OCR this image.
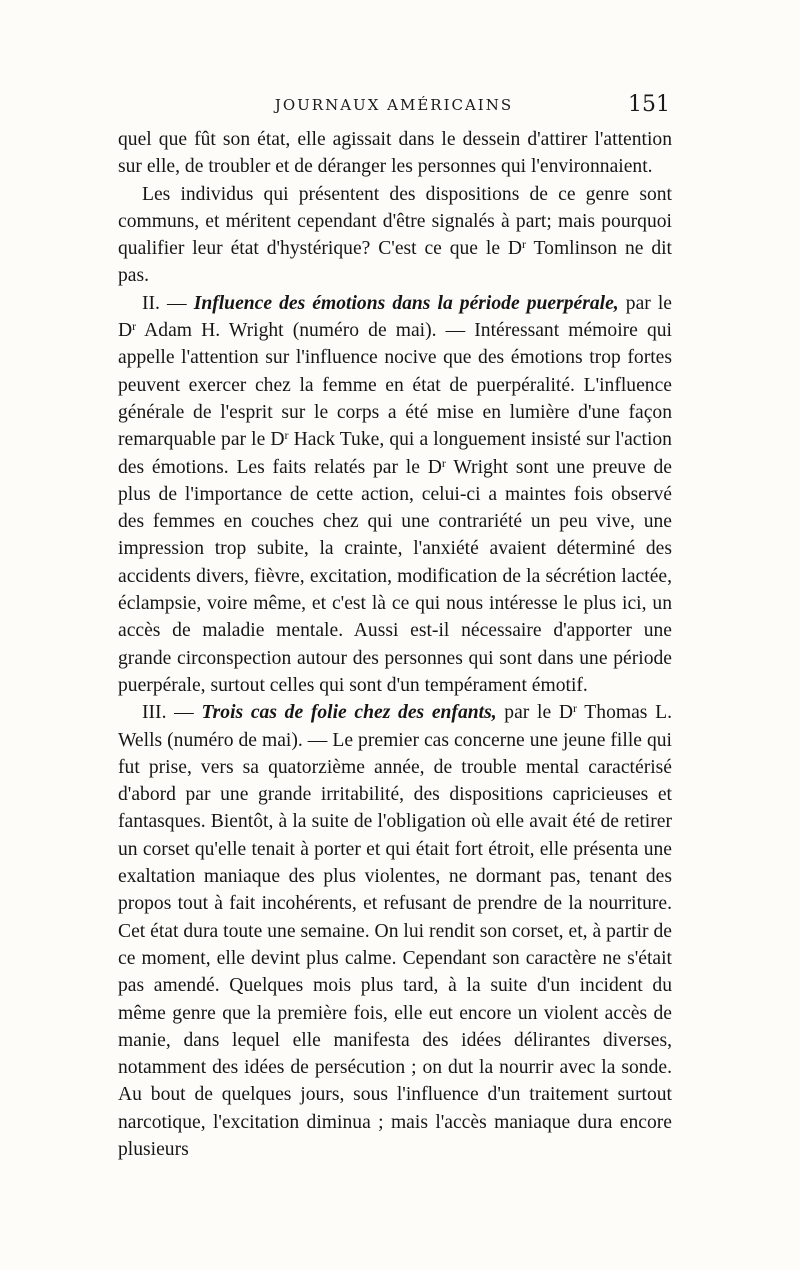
JOURNAUX AMÉRICAINS	151

quel que fût son état, elle agissait dans le dessein d'attirer l'attention sur elle, de troubler et de déranger les personnes qui l'environnaient.

Les individus qui présentent des dispositions de ce genre sont communs, et méritent cependant d'être signalés à part; mais pourquoi qualifier leur état d'hystérique? C'est ce que le $D^r$ Tomlinson ne dit pas.

II. — Influence des émotions dans la période puerpérale, par le $D^r$ Adam H. Wright (numéro de mai). — Intéressant mémoire qui appelle l'attention sur l'influence nocive que des émotions trop fortes peuvent exercer chez la femme en état de puerpéralité. L'influence générale de l'esprit sur le corps a été mise en lumière d'une façon remarquable par le $D^r$ Hack Tuke, qui a longuement insisté sur l'action des émotions. Les faits relatés par le $D^r$ Wright sont une preuve de plus de l'importance de cette action, celui-ci a maintes fois observé des femmes en couches chez qui une contrariété un peu vive, une impression trop subite, la crainte, l'anxiété avaient déterminé des accidents divers, fièvre, excitation, modification de la sécrétion lactée, éclampsie, voire même, et c'est là ce qui nous intéresse le plus ici, un accès de maladie mentale. Aussi est-il nécessaire d'apporter une grande circonspection autour des personnes qui sont dans une période puerpérale, surtout celles qui sont d'un tempérament émotif.

III. — Trois cas de folie chez des enfants, par le $D^r$ Thomas L. Wells (numéro de mai). — Le premier cas concerne une jeune fille qui fut prise, vers sa quatorzième année, de trouble mental caractérisé d'abord par une grande irritabilité, des dispositions capricieuses et fantasques. Bientôt, à la suite de l'obligation où elle avait été de retirer un corset qu'elle tenait à porter et qui était fort étroit, elle présenta une exaltation maniaque des plus violentes, ne dormant pas, tenant des propos tout à fait incohérents, et refusant de prendre de la nourriture. Cet état dura toute une semaine. On lui rendit son corset, et, à partir de ce moment, elle devint plus calme. Cependant son caractère ne s'était pas amendé. Quelques mois plus tard, à la suite d'un incident du même genre que la première fois, elle eut encore un violent accès de manie, dans lequel elle manifesta des idées délirantes diverses, notamment des idées de persécution ; on dut la nourrir avec la sonde. Au bout de quelques jours, sous l'influence d'un traitement surtout narcotique, l'excitation diminua ; mais l'accès maniaque dura encore plusieurs
